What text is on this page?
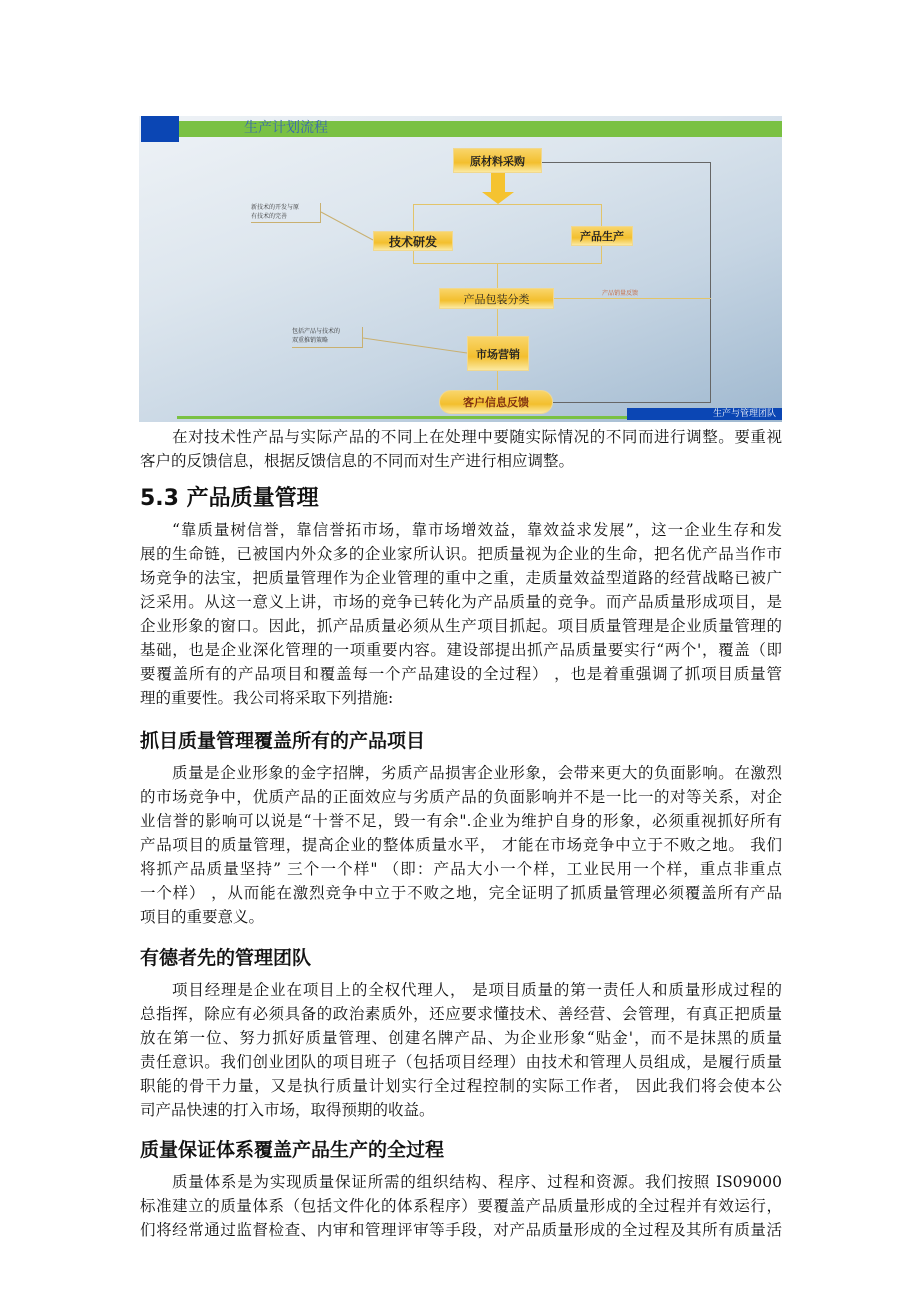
生产计划流程
原材料采购
技术研发	产品生产
产品包装分类
市场营销
客户信息反馈
新技术的开发与原
有技术的完善
包括产品与技术的
双重推销策略
产品销量反馈
生产与管理团队
在对技术性产品与实际产品的不同上在处理中要随实际情况的不同而进行调整。要重视
客户的反馈信息，根据反馈信息的不同而对生产进行相应调整。
5.3 产品质量管理
“靠质量树信誉，靠信誉拓市场，靠市场增效益，靠效益求发展”，这一企业生存和发
展的生命链，已被国内外众多的企业家所认识。把质量视为企业的生命，把名优产品当作市
场竞争的法宝，把质量管理作为企业管理的重中之重，走质量效益型道路的经营战略已被广
泛采用。从这一意义上讲，市场的竞争已转化为产品质量的竞争。而产品质量形成项目，是
企业形象的窗口。因此，抓产品质量必须从生产项目抓起。项目质量管理是企业质量管理的
基础，也是企业深化管理的一项重要内容。建设部提出抓产品质量要实行“两个'，覆盖（即
要覆盖所有的产品项目和覆盖每一个产品建设的全过程） ，也是着重强调了抓项目质量管
理的重要性。我公司将采取下列措施:
抓目质量管理覆盖所有的产品项目
质量是企业形象的金字招牌，劣质产品损害企业形象，会带来更大的负面影响。在激烈
的市场竞争中，优质产品的正面效应与劣质产品的负面影响并不是一比一的对等关系，对企
业信誉的影响可以说是“十誉不足，毁一有余".企业为维护自身的形象，必须重视抓好所有
产品项目的质量管理，提高企业的整体质量水平， 才能在市场竞争中立于不败之地。 我们
将抓产品质量坚持” 三个一个样" （即：产品大小一个样，工业民用一个样，重点非重点
一个样） ，从而能在激烈竞争中立于不败之地，完全证明了抓质量管理必须覆盖所有产品
项目的重要意义。
有德者先的管理团队
项目经理是企业在项目上的全权代理人， 是项目质量的第一责任人和质量形成过程的
总指挥，除应有必须具备的政治素质外，还应要求懂技术、善经营、会管理，有真正把质量
放在第一位、努力抓好质量管理、创建名牌产品、为企业形象“贴金'，而不是抹黑的质量
责任意识。我们创业团队的项目班子（包括项目经理）由技术和管理人员组成，是履行质量
职能的骨干力量，又是执行质量计划实行全过程控制的实际工作者， 因此我们将会使本公
司产品快速的打入市场，取得预期的收益。
质量保证体系覆盖产品生产的全过程
质量体系是为实现质量保证所需的组织结构、程序、过程和资源。我们按照 IS09000
标准建立的质量体系（包括文件化的体系程序）要覆盖产品质量形成的全过程并有效运行，
们将经常通过监督检查、内审和管理评审等手段，对产品质量形成的全过程及其所有质量活
